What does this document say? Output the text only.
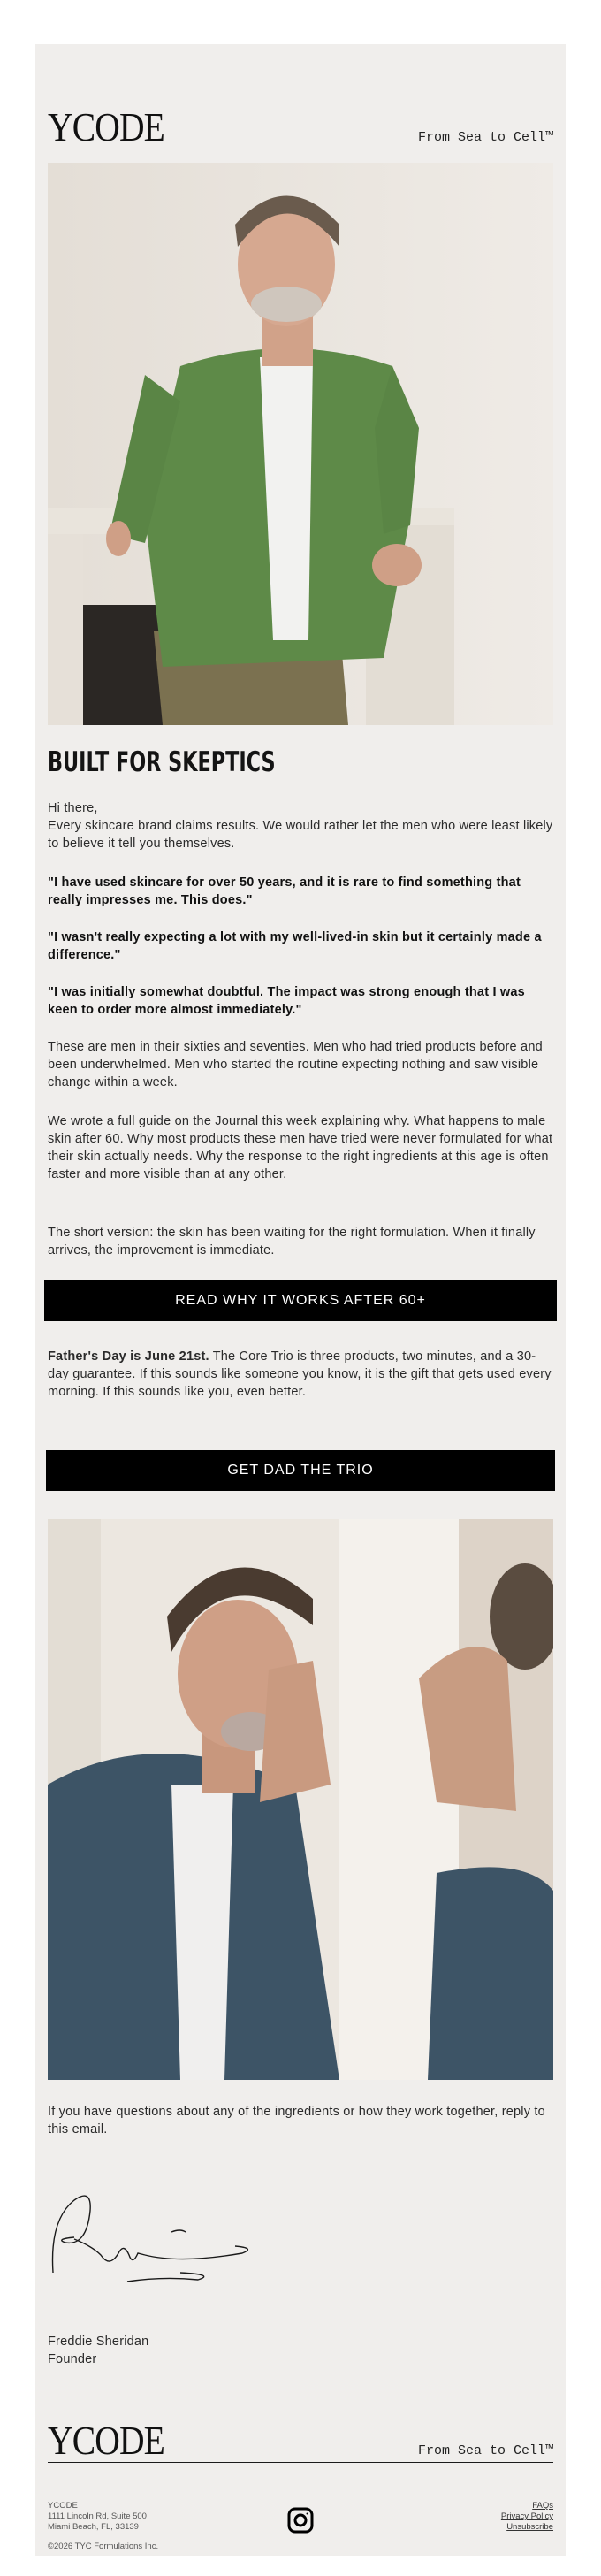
YCODE	From Sea to Cell™
BUILT FOR SKEPTICS

Hi there,

Every skincare brand claims results. We would rather let the men who were least likely to believe it tell you themselves.

"I have used skincare for over 50 years, and it is rare to find something that really impresses me. This does."

"I wasn't really expecting a lot with my well-lived-in skin but it certainly made a difference."

"I was initially somewhat doubtful. The impact was strong enough that I was keen to order more almost immediately."

These are men in their sixties and seventies. Men who had tried products before and been underwhelmed. Men who started the routine expecting nothing and saw visible change within a week.

We wrote a full guide on the Journal this week explaining why. What happens to male skin after 60. Why most products these men have tried were never formulated for what their skin actually needs. Why the response to the right ingredients at this age is often faster and more visible than at any other.

The short version: the skin has been waiting for the right formulation. When it finally arrives, the improvement is immediate.

READ WHY IT WORKS AFTER 60+

Father's Day is June 21st. The Core Trio is three products, two minutes, and a 30-day guarantee. If this sounds like someone you know, it is the gift that gets used every morning. If this sounds like you, even better.

GET DAD THE TRIO

If you have questions about any of the ingredients or how they work together, reply to this email.

Freddie Sheridan

Founder

YCODE	From Sea to Cell™
YCODE
1111 Lincoln Rd, Suite 500
Miami Beach, FL, 33139
©2026 TYC Formulations Inc.
FAQs
Privacy Policy
Unsubscribe
